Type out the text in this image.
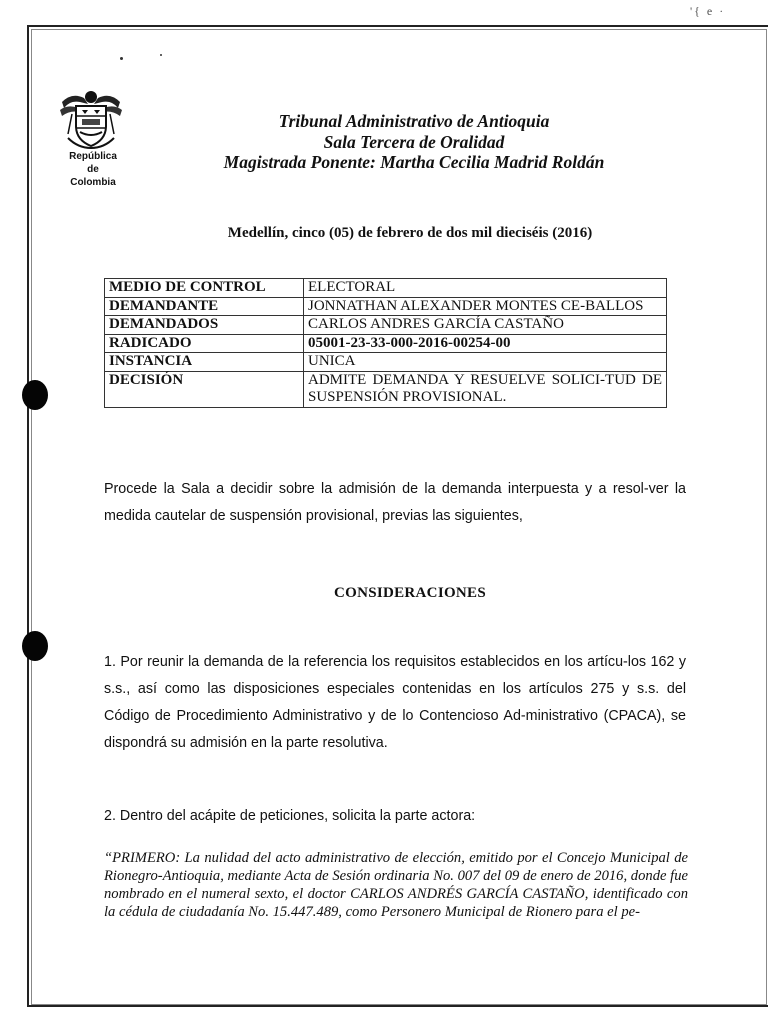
'{ e ·
República
de
Colombia
Tribunal Administrativo de Antioquia
Sala Tercera de Oralidad
Magistrada Ponente: Martha Cecilia Madrid Roldán
Medellín, cinco (05) de febrero de dos mil dieciséis (2016)
MEDIO DE CONTROL	ELECTORAL
DEMANDANTE	JONNATHAN ALEXANDER MONTES CE-BALLOS
DEMANDADOS	CARLOS ANDRES GARCÍA CASTAÑO
RADICADO	05001-23-33-000-2016-00254-00
INSTANCIA	UNICA
DECISIÓN	ADMITE DEMANDA Y RESUELVE SOLICI-TUD DE SUSPENSIÓN PROVISIONAL.

Procede la Sala a decidir sobre la admisión de la demanda interpuesta y a resol-ver la medida cautelar de suspensión provisional, previas las siguientes,

CONSIDERACIONES

1. Por reunir la demanda de la referencia los requisitos establecidos en los artícu-los 162 y s.s., así como las disposiciones especiales contenidas en los artículos 275 y s.s. del Código de Procedimiento Administrativo y de lo Contencioso Ad-ministrativo (CPACA), se dispondrá su admisión en la parte resolutiva.

2. Dentro del acápite de peticiones, solicita la parte actora:

“PRIMERO: La nulidad del acto administrativo de elección, emitido por el Concejo Municipal de Rionegro-Antioquia, mediante Acta de Sesión ordinaria No. 007 del 09 de enero de 2016, donde fue nombrado en el numeral sexto, el doctor CARLOS ANDRÉS GARCÍA CASTAÑO, identificado con la cédula de ciudadanía No. 15.447.489, como Personero Municipal de Rionero para el pe-
